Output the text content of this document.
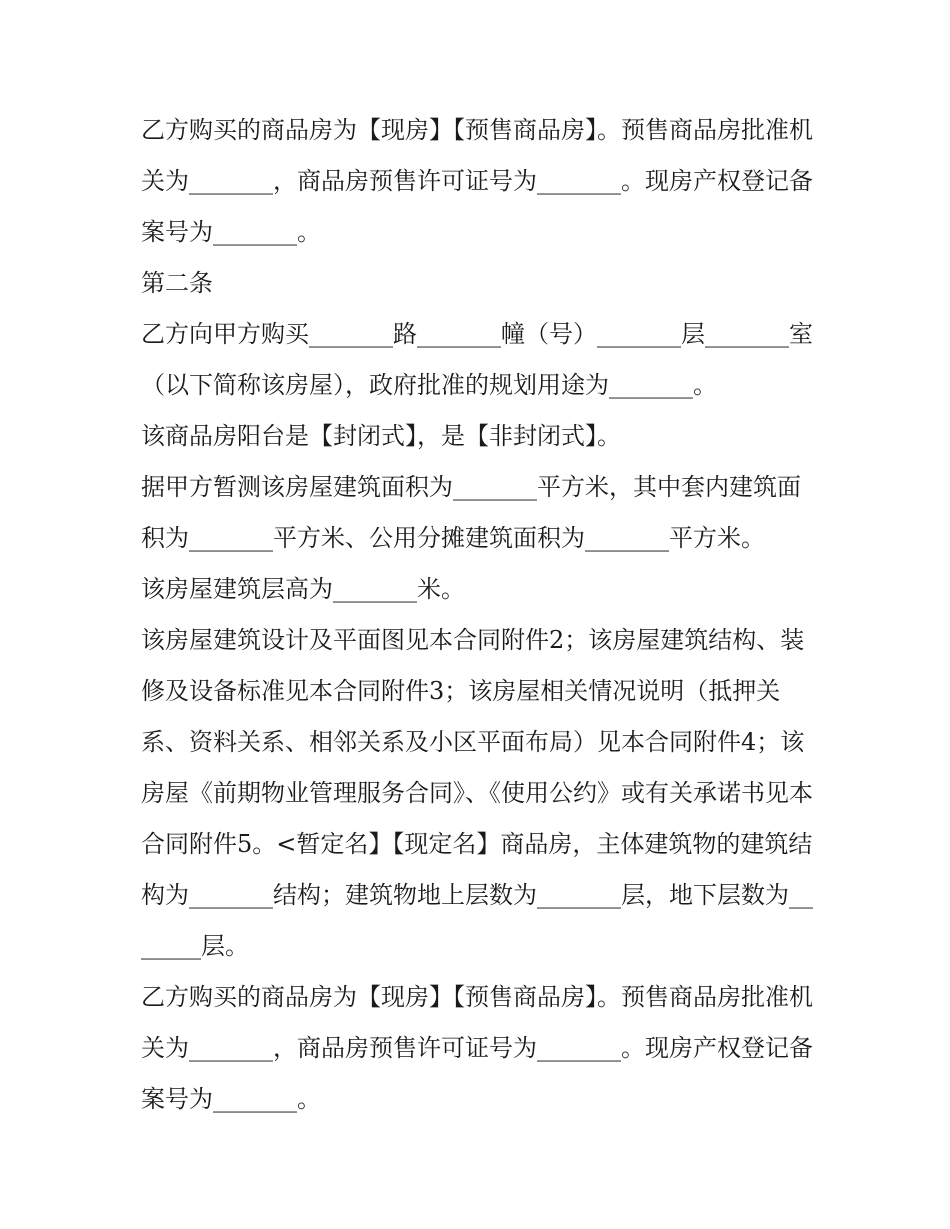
乙方购买的商品房为【现房】【预售商品房】。预售商品房批准机关为_______，商品房预售许可证号为_______。现房产权登记备案号为_______。

第二条

乙方向甲方购买_______路_______幢（号）_______层_______室（以下简称该房屋），政府批准的规划用途为_______。

该商品房阳台是【封闭式】，是【非封闭式】。

据甲方暂测该房屋建筑面积为_______平方米，其中套内建筑面积为_______平方米、公用分摊建筑面积为_______平方米。

该房屋建筑层高为_______米。

该房屋建筑设计及平面图见本合同附件2；该房屋建筑结构、装修及设备标准见本合同附件3；该房屋相关情况说明（抵押关系、资料关系、相邻关系及小区平面布局）见本合同附件4；该房屋《前期物业管理服务合同》、《使用公约》或有关承诺书见本合同附件5。<暂定名】【现定名】商品房，主体建筑物的建筑结构为_______结构；建筑物地上层数为_______层，地下层数为_______层。

乙方购买的商品房为【现房】【预售商品房】。预售商品房批准机关为_______，商品房预售许可证号为_______。现房产权登记备案号为_______。
